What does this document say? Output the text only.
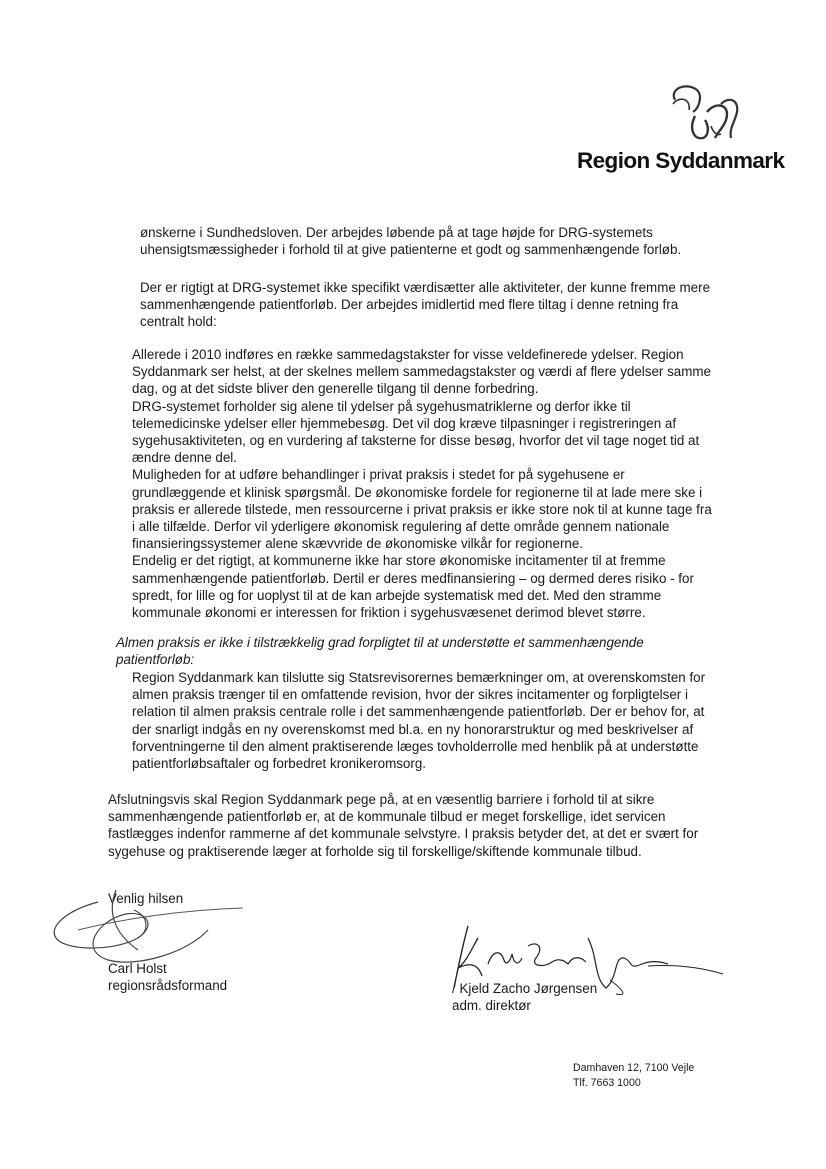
Region Syddanmark

ønskerne i Sundhedsloven. Der arbejdes løbende på at tage højde for DRG-systemets
uhensigtsmæssigheder i forhold til at give patienterne et godt og sammenhængende forløb.

Der er rigtigt at DRG-systemet ikke specifikt værdisætter alle aktiviteter, der kunne fremme mere
sammenhængende patientforløb. Der arbejdes imidlertid med flere tiltag i denne retning fra
centralt hold:

Allerede i 2010 indføres en række sammedagstakster for visse veldefinerede ydelser. Region
Syddanmark ser helst, at der skelnes mellem sammedagstakster og værdi af flere ydelser samme
dag, og at det sidste bliver den generelle tilgang til denne forbedring.
DRG-systemet forholder sig alene til ydelser på sygehusmatriklerne og derfor ikke til
telemedicinske ydelser eller hjemmebesøg. Det vil dog kræve tilpasninger i registreringen af
sygehusaktiviteten, og en vurdering af taksterne for disse besøg, hvorfor det vil tage noget tid at
ændre denne del.
Muligheden for at udføre behandlinger i privat praksis i stedet for på sygehusene er
grundlæggende et klinisk spørgsmål. De økonomiske fordele for regionerne til at lade mere ske i
praksis er allerede tilstede, men ressourcerne i privat praksis er ikke store nok til at kunne tage fra
i alle tilfælde. Derfor vil yderligere økonomisk regulering af dette område gennem nationale
finansieringssystemer alene skævvride de økonomiske vilkår for regionerne.
Endelig er det rigtigt, at kommunerne ikke har store økonomiske incitamenter til at fremme
sammenhængende patientforløb. Dertil er deres medfinansiering – og dermed deres risiko - for
spredt, for lille og for uoplyst til at de kan arbejde systematisk med det. Med den stramme
kommunale økonomi er interessen for friktion i sygehusvæsenet derimod blevet større.

Almen praksis er ikke i tilstrækkelig grad forpligtet til at understøtte et sammenhængende
patientforløb:

Region Syddanmark kan tilslutte sig Statsrevisorernes bemærkninger om, at overenskomsten for
almen praksis trænger til en omfattende revision, hvor der sikres incitamenter og forpligtelser i
relation til almen praksis centrale rolle i det sammenhængende patientforløb. Der er behov for, at
der snarligt indgås en ny overenskomst med bl.a. en ny honorarstruktur og med beskrivelser af
forventningerne til den alment praktiserende læges tovholderrolle med henblik på at understøtte
patientforløbsaftaler og forbedret kronikeromsorg.

Afslutningsvis skal Region Syddanmark pege på, at en væsentlig barriere i forhold til at sikre
sammenhængende patientforløb er, at de kommunale tilbud er meget forskellige, idet servicen
fastlægges indenfor rammerne af det kommunale selvstyre. I praksis betyder det, at det er svært for
sygehuse og praktiserende læger at forholde sig til forskellige/skiftende kommunale tilbud.

Venlig hilsen
Carl Holst
regionsrådsformand	/ Kjeld Zacho Jørgensen
adm. direktør
Damhaven 12, 7100 Vejle
Tlf. 7663 1000
